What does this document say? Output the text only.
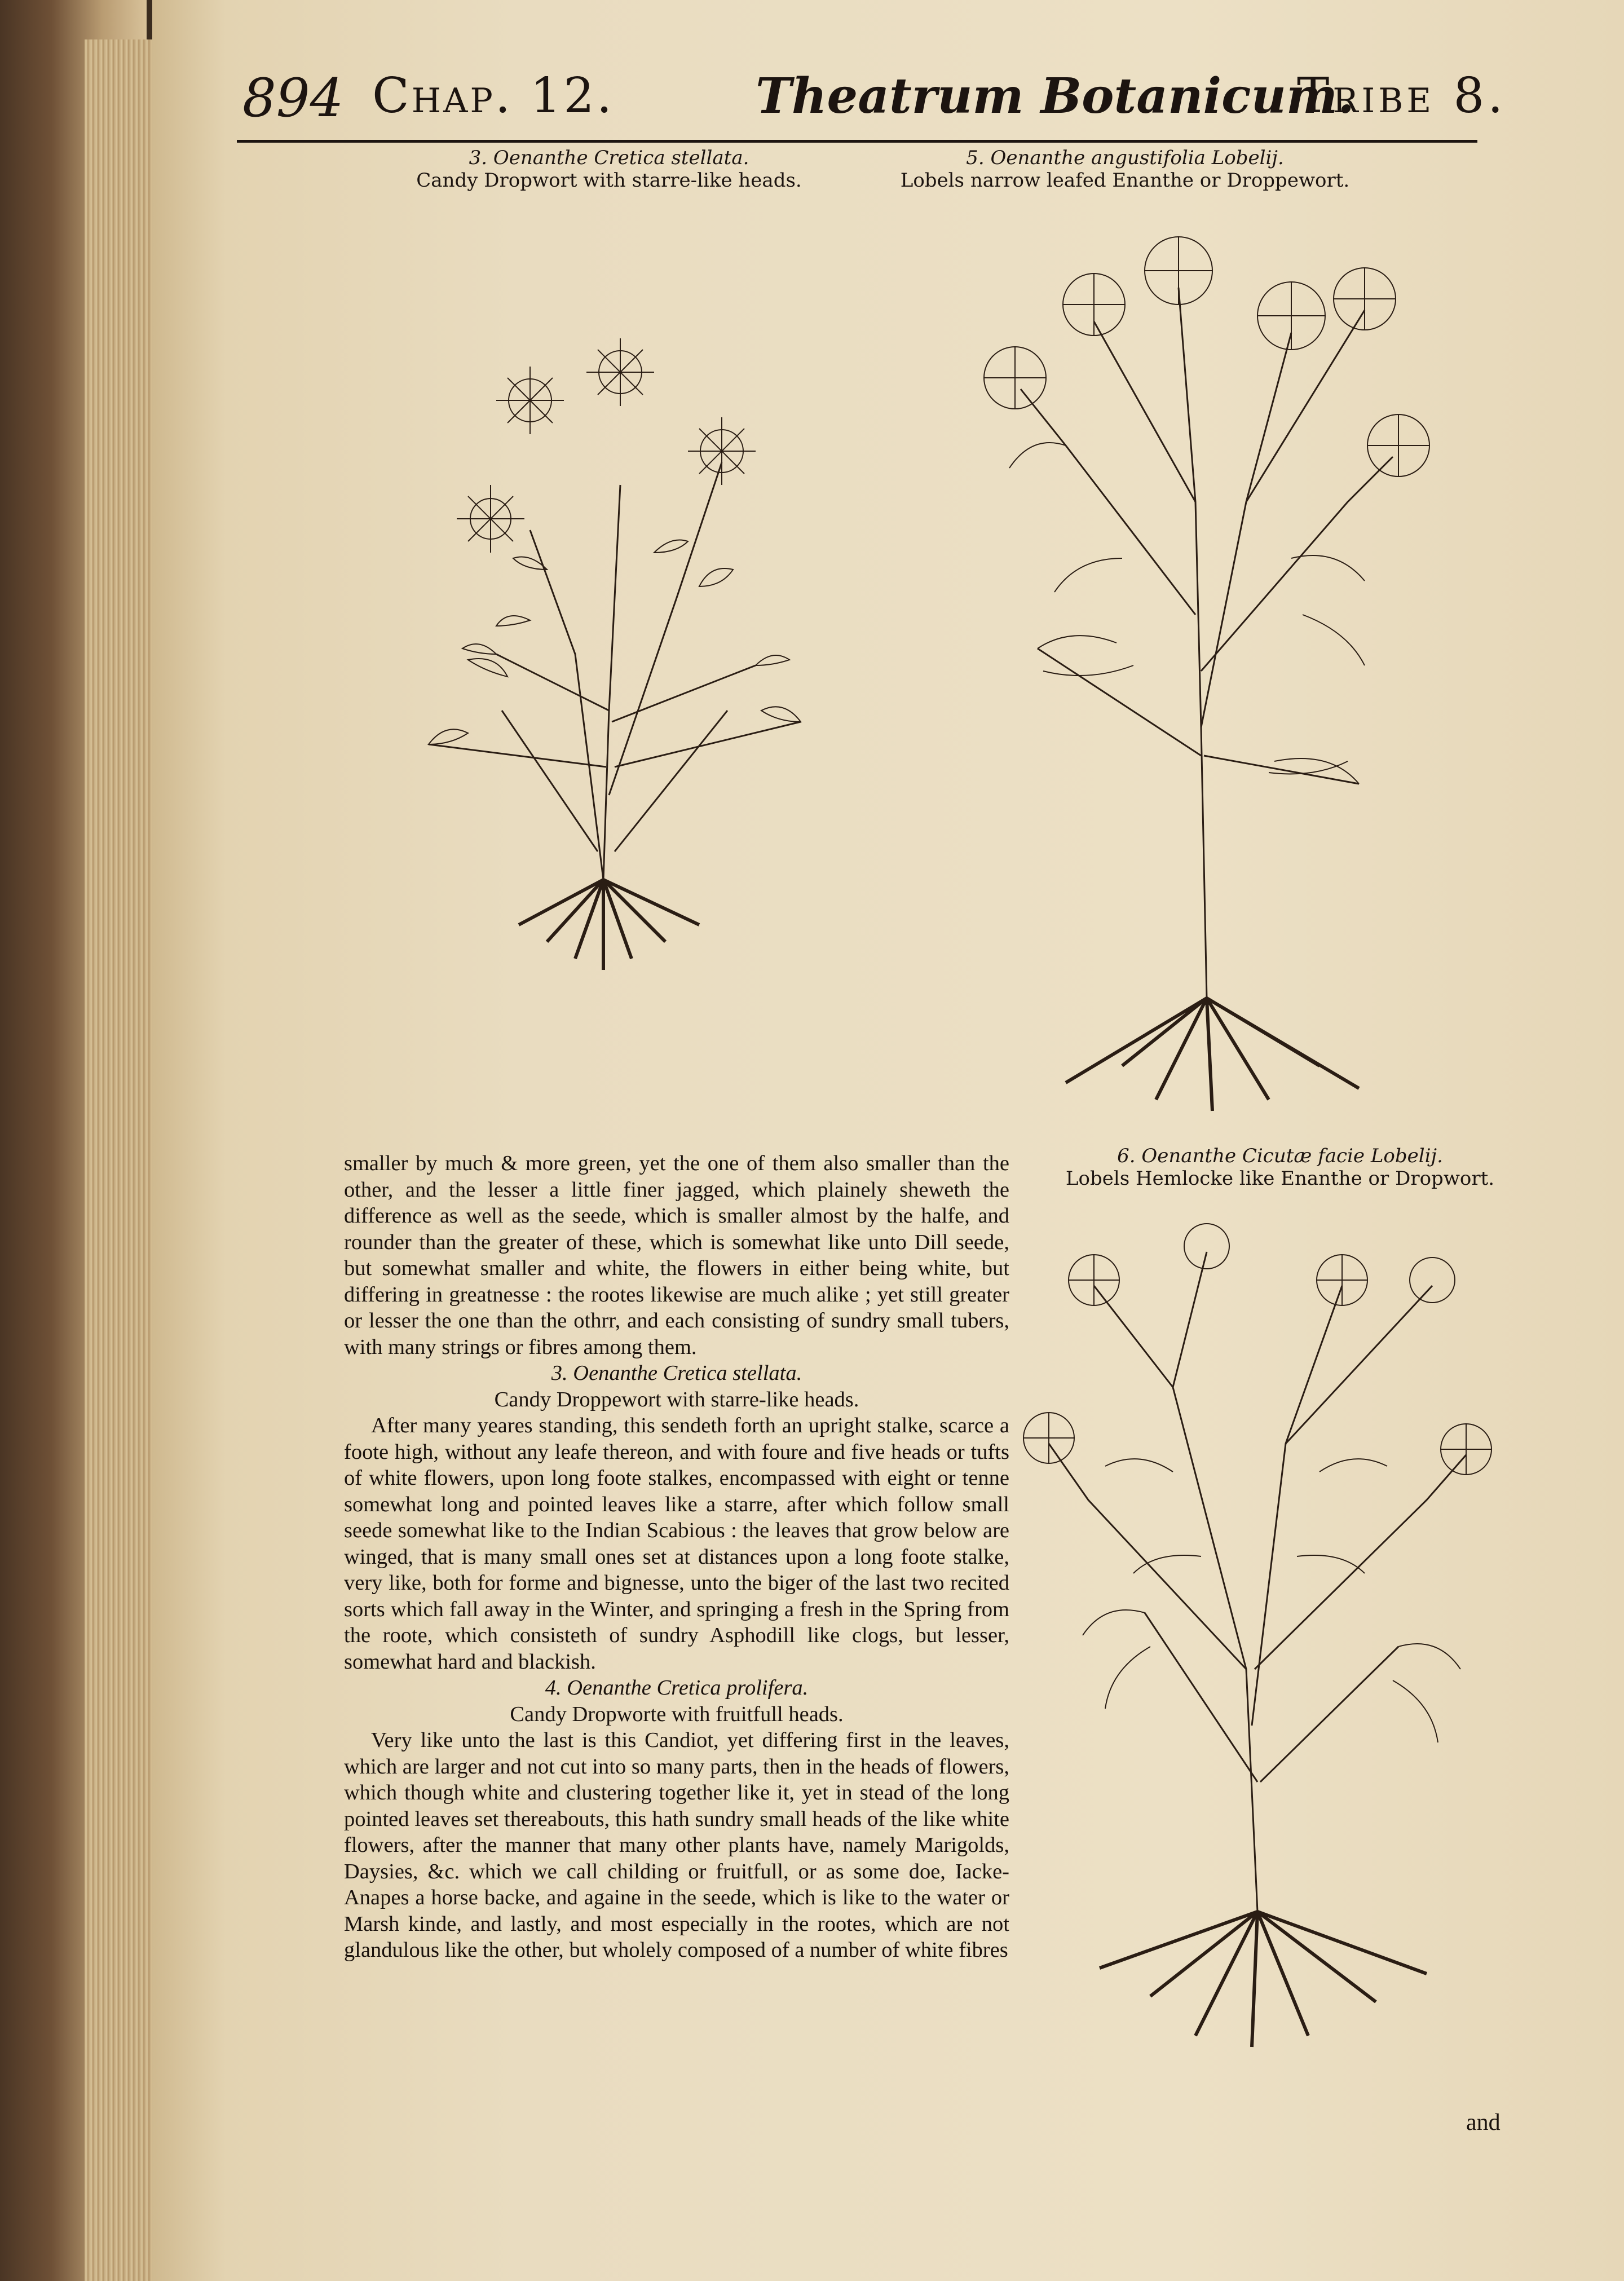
894 Chap. 12.	Theatrum Botanicum.
Tribe 8.
3. Oenanthe Cretica stellata.
Candy Dropwort with starre-like heads.
5. Oenanthe angustifolia Lobelij.
Lobels narrow leafed Enanthe or Droppewort.
6. Oenanthe Cicutæ facie Lobelij.
Lobels Hemlocke like Enanthe or Dropwort.

smaller by much & more green, yet the one of them also smaller than the other, and the lesser a little finer jagged, which plainely sheweth the difference as well as the seede, which is smaller almost by the halfe, and rounder than the greater of these, which is somewhat like unto Dill seede, but somewhat smaller and white, the flowers in either being white, but differing in greatnesse : the rootes likewise are much alike ; yet still greater or lesser the one than the othrr, and each consisting of sundry small tubers, with many strings or fibres among them.

3. Oenanthe Cretica stellata.

Candy Droppewort with starre-like heads.

After many yeares standing, this sendeth forth an upright stalke, scarce a foote high, without any leafe thereon, and with foure and five heads or tufts of white flowers, upon long foote stalkes, encompassed with eight or tenne somewhat long and pointed leaves like a starre, after which follow small seede somewhat like to the Indian Scabious : the leaves that grow below are winged, that is many small ones set at distances upon a long foote stalke, very like, both for forme and bignesse, unto the biger of the last two recited sorts which fall away in the Winter, and springing a fresh in the Spring from the roote, which consisteth of sundry Asphodill like clogs, but lesser, somewhat hard and blackish.

4. Oenanthe Cretica prolifera.

Candy Dropworte with fruitfull heads.

Very like unto the last is this Candiot, yet differing first in the leaves, which are larger and not cut into so many parts, then in the heads of flowers, which though white and clustering together like it, yet in stead of the long pointed leaves set thereabouts, this hath sundry small heads of the like white flowers, after the manner that many other plants have, namely Marigolds, Daysies, &c. which we call childing or fruitfull, or as some doe, Iacke-Anapes a horse backe, and againe in the seede, which is like to the water or Marsh kinde, and lastly, and most especially in the rootes, which are not glandulous like the other, but wholely composed of a number of white fibres

and
